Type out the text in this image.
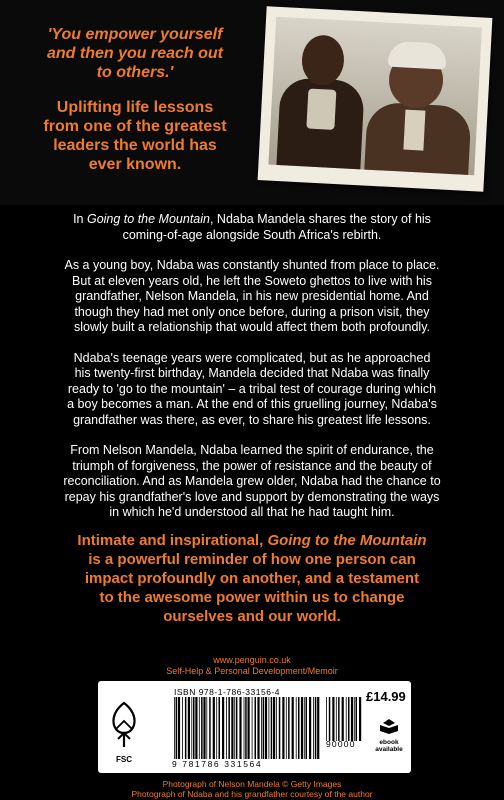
'You empower yourself
and then you reach out
to others.'
Uplifting life lessons
from one of the greatest
leaders the world has
ever known.

In Going to the Mountain, Ndaba Mandela shares the story of his
coming-of-age alongside South Africa's rebirth.

As a young boy, Ndaba was constantly shunted from place to place.
But at eleven years old, he left the Soweto ghettos to live with his
grandfather, Nelson Mandela, in his new presidential home. And
though they had met only once before, during a prison visit, they
slowly built a relationship that would affect them both profoundly.

Ndaba's teenage years were complicated, but as he approached
his twenty-first birthday, Mandela decided that Ndaba was finally
ready to 'go to the mountain' – a tribal test of courage during which
a boy becomes a man. At the end of this gruelling journey, Ndaba's
grandfather was there, as ever, to share his greatest life lessons.

From Nelson Mandela, Ndaba learned the spirit of endurance, the
triumph of forgiveness, the power of resistance and the beauty of
reconciliation. And as Mandela grew older, Ndaba had the chance to
repay his grandfather's love and support by demonstrating the ways
in which he'd understood all that he had taught him.

Intimate and inspirational, Going to the Mountain
is a powerful reminder of how one person can
impact profoundly on another, and a testament
to the awesome power within us to change
ourselves and our world.
www.penguin.co.uk
Self-Help & Personal Development/Memoir
FSC
ISBN 978-1-786-33156-4
9 781786 331564
90000
£14.99
ebook
available
Photograph of Nelson Mandela © Getty Images
Photograph of Ndaba and his grandfather courtesy of the author
